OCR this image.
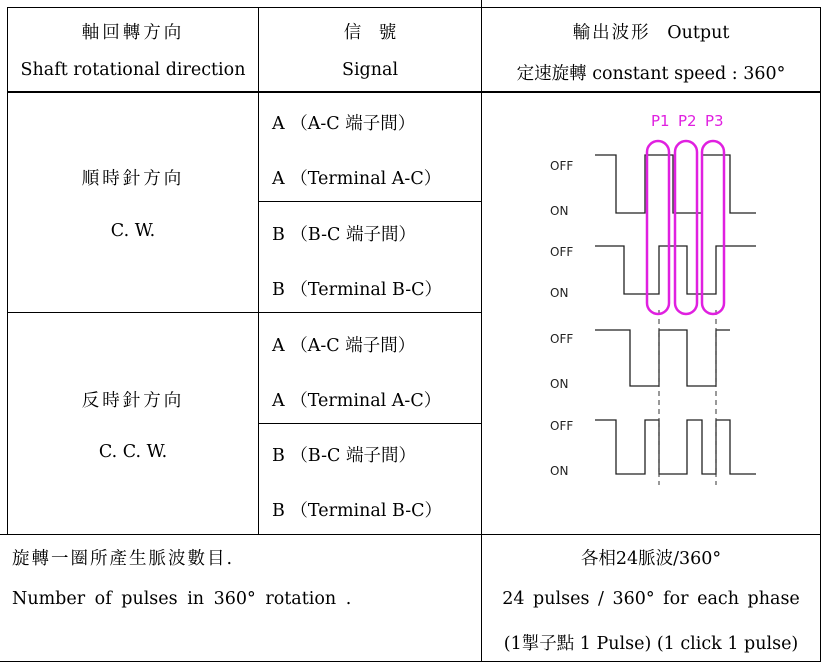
軸回轉方向
Shaft rotational direction
信　號
Signal
輸出波形 Output
定速旋轉 constant speed : 360°
順時針方向
C. W.
A （A-C 端子間）
A （Terminal A-C）
B （B-C 端子間）
B （Terminal B-C）
反時針方向
C. C. W.
A （A-C 端子間）
A （Terminal A-C）
B （B-C 端子間）
B （Terminal B-C）
旋轉一圈所產生脈波數目.
Number of pulses in 360° rotation .
各相24脈波/360°
24 pulses / 360° for each phase
(1掣子點 1 Pulse) (1 click 1 pulse)
P1 P2 P3
OFF
ON
OFF
ON
OFF
ON
OFF
ON
